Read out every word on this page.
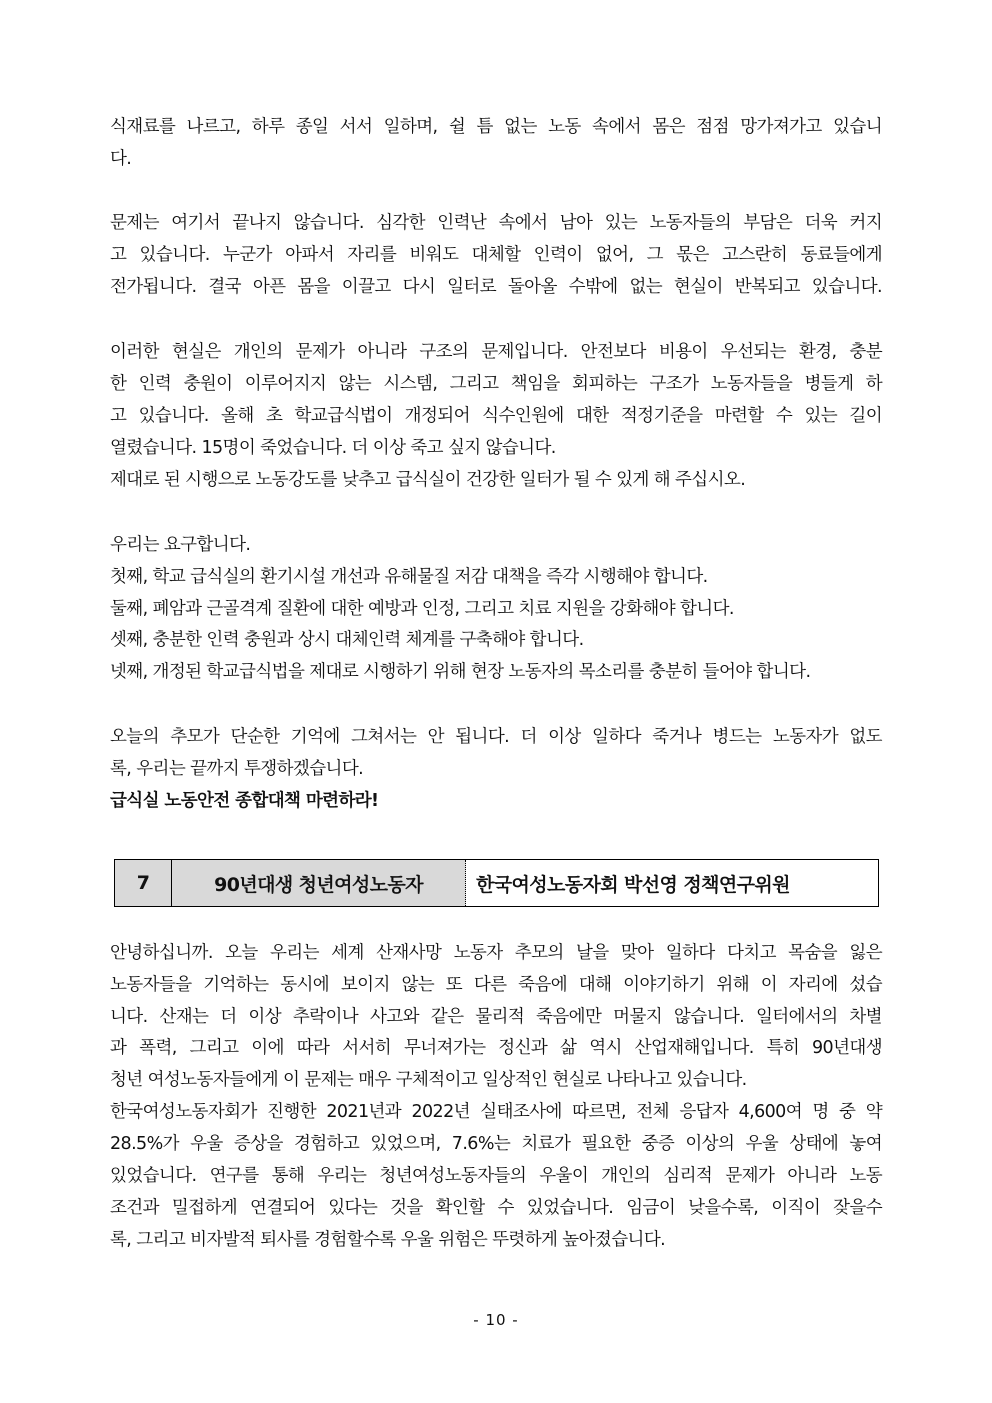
식재료를 나르고, 하루 종일 서서 일하며, 쉴 틈 없는 노동 속에서 몸은 점점 망가져가고 있습니
다.
문제는 여기서 끝나지 않습니다. 심각한 인력난 속에서 남아 있는 노동자들의 부담은 더욱 커지
고 있습니다. 누군가 아파서 자리를 비워도 대체할 인력이 없어, 그 몫은 고스란히 동료들에게
전가됩니다. 결국 아픈 몸을 이끌고 다시 일터로 돌아올 수밖에 없는 현실이 반복되고 있습니다.
이러한 현실은 개인의 문제가 아니라 구조의 문제입니다. 안전보다 비용이 우선되는 환경, 충분
한 인력 충원이 이루어지지 않는 시스템, 그리고 책임을 회피하는 구조가 노동자들을 병들게 하
고 있습니다. 올해 초 학교급식법이 개정되어 식수인원에 대한 적정기준을 마련할 수 있는 길이
열렸습니다. 15명이 죽었습니다. 더 이상 죽고 싶지 않습니다.
제대로 된 시행으로 노동강도를 낮추고 급식실이 건강한 일터가 될 수 있게 해 주십시오.
우리는 요구합니다.
첫째, 학교 급식실의 환기시설 개선과 유해물질 저감 대책을 즉각 시행해야 합니다.
둘째, 폐암과 근골격계 질환에 대한 예방과 인정, 그리고 치료 지원을 강화해야 합니다.
셋째, 충분한 인력 충원과 상시 대체인력 체계를 구축해야 합니다.
넷째, 개정된 학교급식법을 제대로 시행하기 위해 현장 노동자의 목소리를 충분히 들어야 합니다.
오늘의 추모가 단순한 기억에 그쳐서는 안 됩니다. 더 이상 일하다 죽거나 병드는 노동자가 없도
록, 우리는 끝까지 투쟁하겠습니다.
급식실 노동안전 종합대책 마련하라!
안녕하십니까. 오늘 우리는 세계 산재사망 노동자 추모의 날을 맞아 일하다 다치고 목숨을 잃은
노동자들을 기억하는 동시에 보이지 않는 또 다른 죽음에 대해 이야기하기 위해 이 자리에 섰습
니다. 산재는 더 이상 추락이나 사고와 같은 물리적 죽음에만 머물지 않습니다. 일터에서의 차별
과 폭력, 그리고 이에 따라 서서히 무너져가는 정신과 삶 역시 산업재해입니다. 특히 90년대생
청년 여성노동자들에게 이 문제는 매우 구체적이고 일상적인 현실로 나타나고 있습니다.
한국여성노동자회가 진행한 2021년과 2022년 실태조사에 따르면, 전체 응답자 4,600여 명 중 약
28.5%가 우울 증상을 경험하고 있었으며, 7.6%는 치료가 필요한 중증 이상의 우울 상태에 놓여
있었습니다. 연구를 통해 우리는 청년여성노동자들의 우울이 개인의 심리적 문제가 아니라 노동
조건과 밀접하게 연결되어 있다는 것을 확인할 수 있었습니다. 임금이 낮을수록, 이직이 잦을수
록, 그리고 비자발적 퇴사를 경험할수록 우울 위험은 뚜렷하게 높아졌습니다.
7	90년대생 청년여성노동자	한국여성노동자회 박선영 정책연구위원
- 10 -
